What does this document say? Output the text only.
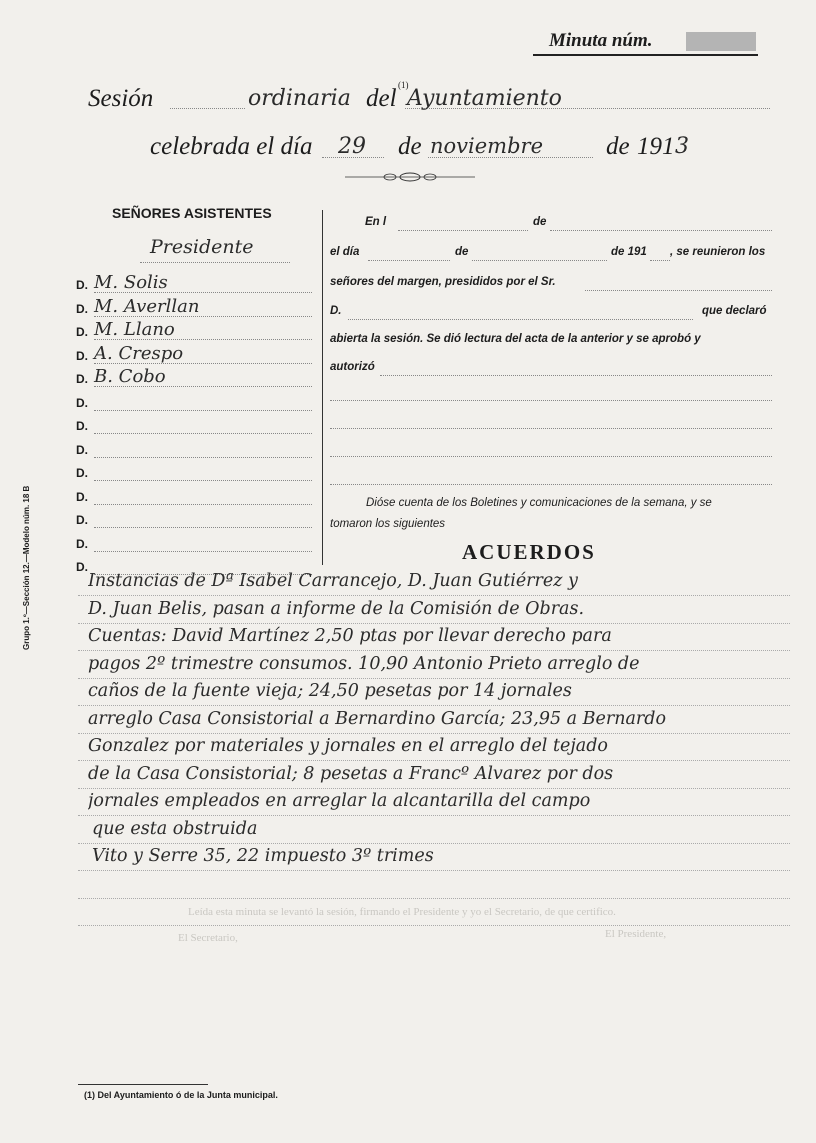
Minuta núm.
Sesión	ordinaria del (1)
Ayuntamiento
celebrada el día 29 de noviembre	de 191 3
SEÑORES ASISTENTES
Presidente
D. M. Solis
D. M. Averllan
D. M. Llano
D. A. Crespo
D. B. Cobo
D.
D.
D.
D.
D.
D.
D.
D.
En l	de
el día	de	de 191 , se reunieron los
señores del margen, presididos por el Sr.
D.	que declaró
abierta la sesión. Se dió lectura del acta de la anterior y se aprobó y
autorizó
Dióse cuenta de los Boletines y comunicaciones de la semana, y se
tomaron los siguientes
Grupo 1.º—Sección 12.—Modelo núm. 18 B	ACUERDOS
Instancias de Dª Isabel Carrancejo, D. Juan Gutiérrez y
D. Juan Belis, pasan a informe de la Comisión de Obras.
Cuentas: David Martínez 2,50 ptas por llevar derecho para
pagos 2º trimestre consumos. 10,90 Antonio Prieto arreglo de
caños de la fuente vieja; 24,50 pesetas por 14 jornales
arreglo Casa Consistorial a Bernardino García; 23,95 a Bernardo
Gonzalez por materiales y jornales en el arreglo del tejado
de la Casa Consistorial; 8 pesetas a Francº Alvarez por dos
jornales empleados en arreglar la alcantarilla del campo
que esta obstruida
Vito y Serre 35, 22 impuesto 3º trimes
Leída esta minuta se levantó la sesión, firmando el Presidente y yo el Secretario, de que certifico.
El Presidente,
El Secretario,
(1) Del Ayuntamiento ó de la Junta municipal.
